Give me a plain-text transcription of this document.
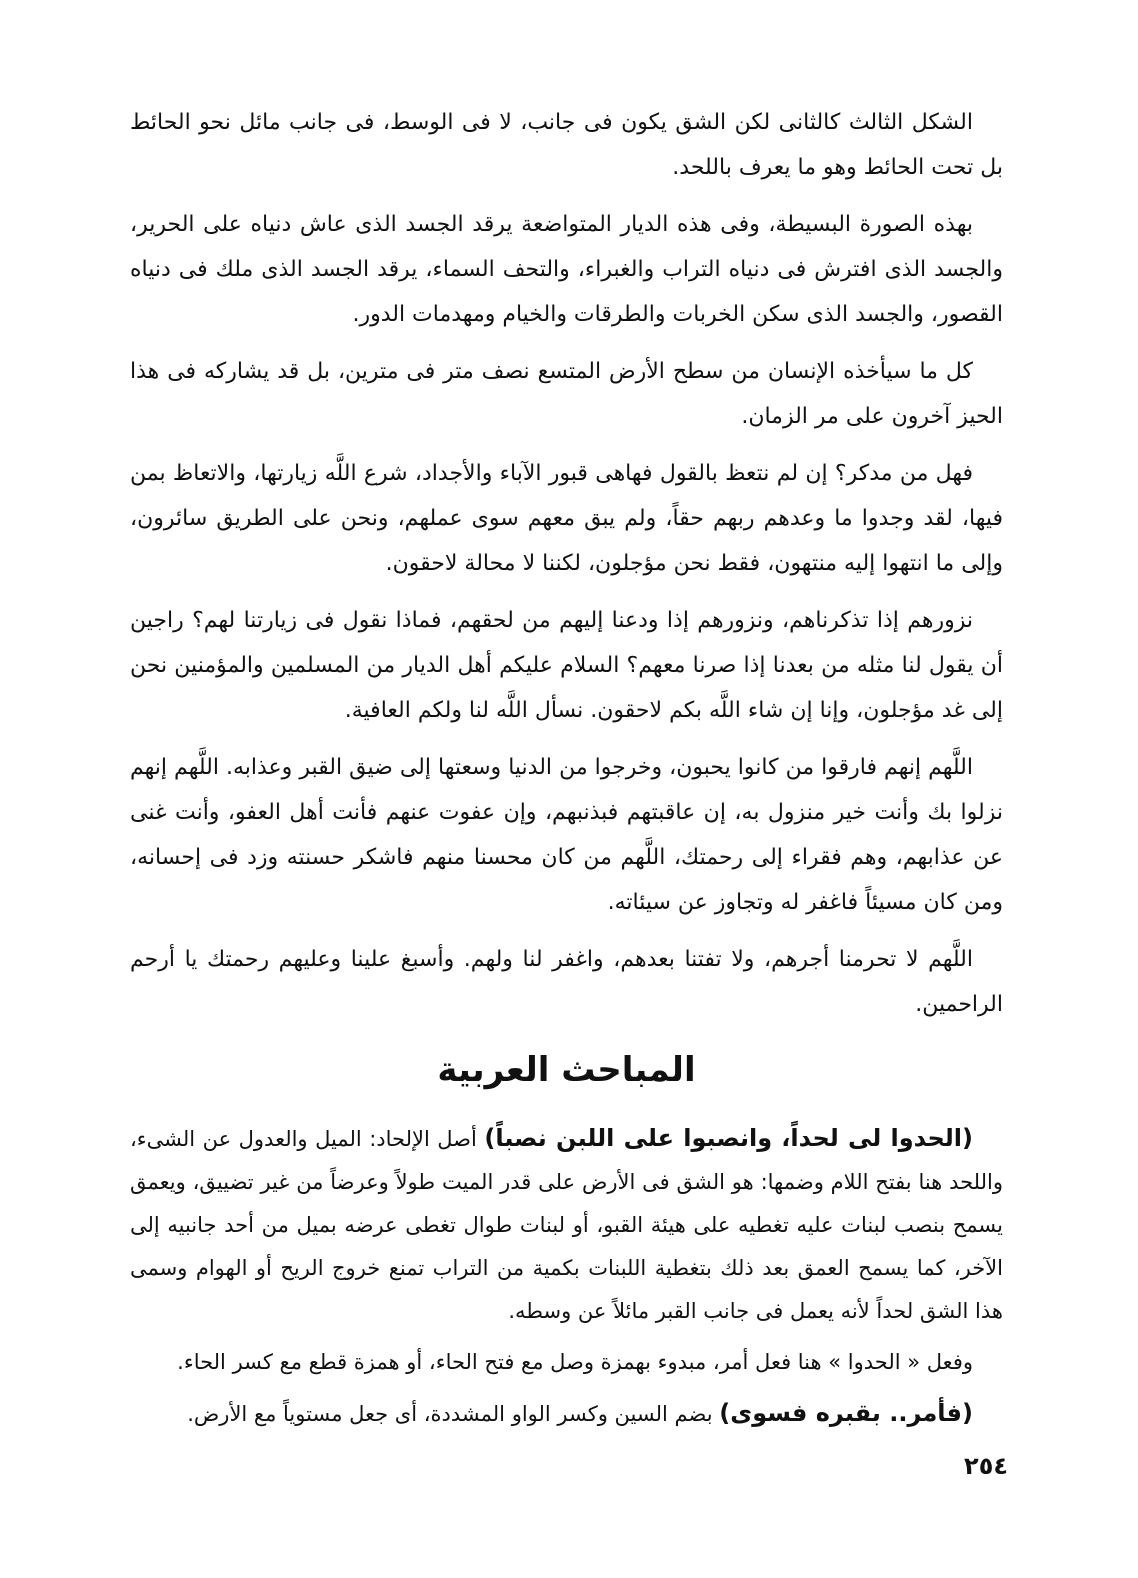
الشكل الثالث كالثانى لكن الشق يكون فى جانب، لا فى الوسط، فى جانب مائل نحو الحائط بل تحت الحائط وهو ما يعرف باللحد.

بهذه الصورة البسيطة، وفى هذه الديار المتواضعة يرقد الجسد الذى عاش دنياه على الحرير، والجسد الذى افترش فى دنياه التراب والغبراء، والتحف السماء، يرقد الجسد الذى ملك فى دنياه القصور، والجسد الذى سكن الخربات والطرقات والخيام ومهدمات الدور.

كل ما سيأخذه الإنسان من سطح الأرض المتسع نصف متر فى مترين، بل قد يشاركه فى هذا الحيز آخرون على مر الزمان.

فهل من مدكر؟ إن لم نتعظ بالقول فهاهى قبور الآباء والأجداد، شرع اللَّه زيارتها، والاتعاظ بمن فيها، لقد وجدوا ما وعدهم ربهم حقاً، ولم يبق معهم سوى عملهم، ونحن على الطريق سائرون، وإلى ما انتهوا إليه منتهون، فقط نحن مؤجلون، لكننا لا محالة لاحقون.

نزورهم إذا تذكرناهم، ونزورهم إذا ودعنا إليهم من لحقهم، فماذا نقول فى زيارتنا لهم؟ راجين أن يقول لنا مثله من بعدنا إذا صرنا معهم؟ السلام عليكم أهل الديار من المسلمين والمؤمنين نحن إلى غد مؤجلون، وإنا إن شاء اللَّه بكم لاحقون. نسأل اللَّه لنا ولكم العافية.

اللَّهم إنهم فارقوا من كانوا يحبون، وخرجوا من الدنيا وسعتها إلى ضيق القبر وعذابه. اللَّهم إنهم نزلوا بك وأنت خير منزول به، إن عاقبتهم فبذنبهم، وإن عفوت عنهم فأنت أهل العفو، وأنت غنى عن عذابهم، وهم فقراء إلى رحمتك، اللَّهم من كان محسنا منهم فاشكر حسنته وزد فى إحسانه، ومن كان مسيئاً فاغفر له وتجاوز عن سيئاته.

اللَّهم لا تحرمنا أجرهم، ولا تفتنا بعدهم، واغفر لنا ولهم. وأسبغ علينا وعليهم رحمتك يا أرحم الراحمين.

المباحث العربية

(الحدوا لى لحداً، وانصبوا على اللبن نصباً) أصل الإلحاد: الميل والعدول عن الشىء، واللحد هنا بفتح اللام وضمها: هو الشق فى الأرض على قدر الميت طولاً وعرضاً من غير تضييق، ويعمق يسمح بنصب لبنات عليه تغطيه على هيئة القبو، أو لبنات طوال تغطى عرضه بميل من أحد جانبيه إلى الآخر، كما يسمح العمق بعد ذلك بتغطية اللبنات بكمية من التراب تمنع خروج الريح أو الهوام وسمى هذا الشق لحداً لأنه يعمل فى جانب القبر مائلاً عن وسطه.

وفعل « الحدوا » هنا فعل أمر، مبدوء بهمزة وصل مع فتح الحاء، أو همزة قطع مع كسر الحاء.

(فأمر.. بقبره فسوى) بضم السين وكسر الواو المشددة، أى جعل مستوياً مع الأرض.

٢٥٤
